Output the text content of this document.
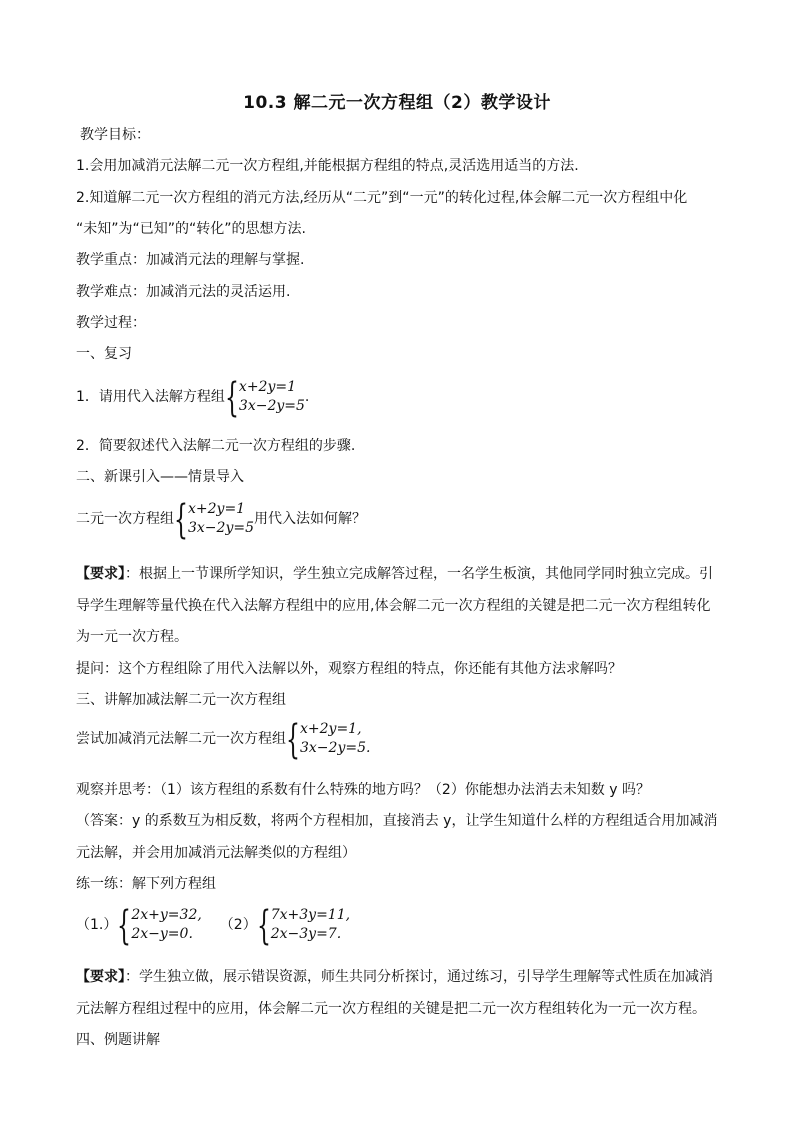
10.3 解二元一次方程组（2）教学设计
教学目标：
1.会用加减消元法解二元一次方程组,并能根据方程组的特点,灵活选用适当的方法.
2.知道解二元一次方程组的消元方法,经历从“二元”到“一元”的转化过程,体会解二元一次方程组中化
“未知”为“已知”的“转化”的思想方法.
教学重点：加减消元法的理解与掌握.
教学难点：加减消元法的灵活运用.
教学过程：
一、复习
1．请用代入法解方程组 { x+2y=1
3x−2y=5
.
2．简要叙述代入法解二元一次方程组的步骤.
二、新课引入——情景导入
二元一次方程组 { x+2y=1
3x−2y=5
用代入法如何解？
【要求】：根据上一节课所学知识，学生独立完成解答过程，一名学生板演，其他同学同时独立完成。引
导学生理解等量代换在代入法解方程组中的应用,体会解二元一次方程组的关键是把二元一次方程组转化
为一元一次方程。
提问：这个方程组除了用代入法解以外，观察方程组的特点，你还能有其他方法求解吗？
三、讲解加减法解二元一次方程组
尝试加减消元法解二元一次方程组 { x+2y=1,
3x−2y=5.
观察并思考：（1）该方程组的系数有什么特殊的地方吗？（2）你能想办法消去未知数 y 吗？
（答案：y 的系数互为相反数，将两个方程相加，直接消去 y，让学生知道什么样的方程组适合用加减消
元法解，并会用加减消元法解类似的方程组）
练一练：解下列方程组
（1.） { 2x+y=32,
2x−y=0.
（2） { 7x+3y=11,
2x−3y=7.
【要求】：学生独立做，展示错误资源，师生共同分析探讨，通过练习，引导学生理解等式性质在加减消
元法解方程组过程中的应用，体会解二元一次方程组的关键是把二元一次方程组转化为一元一次方程。
四、例题讲解
